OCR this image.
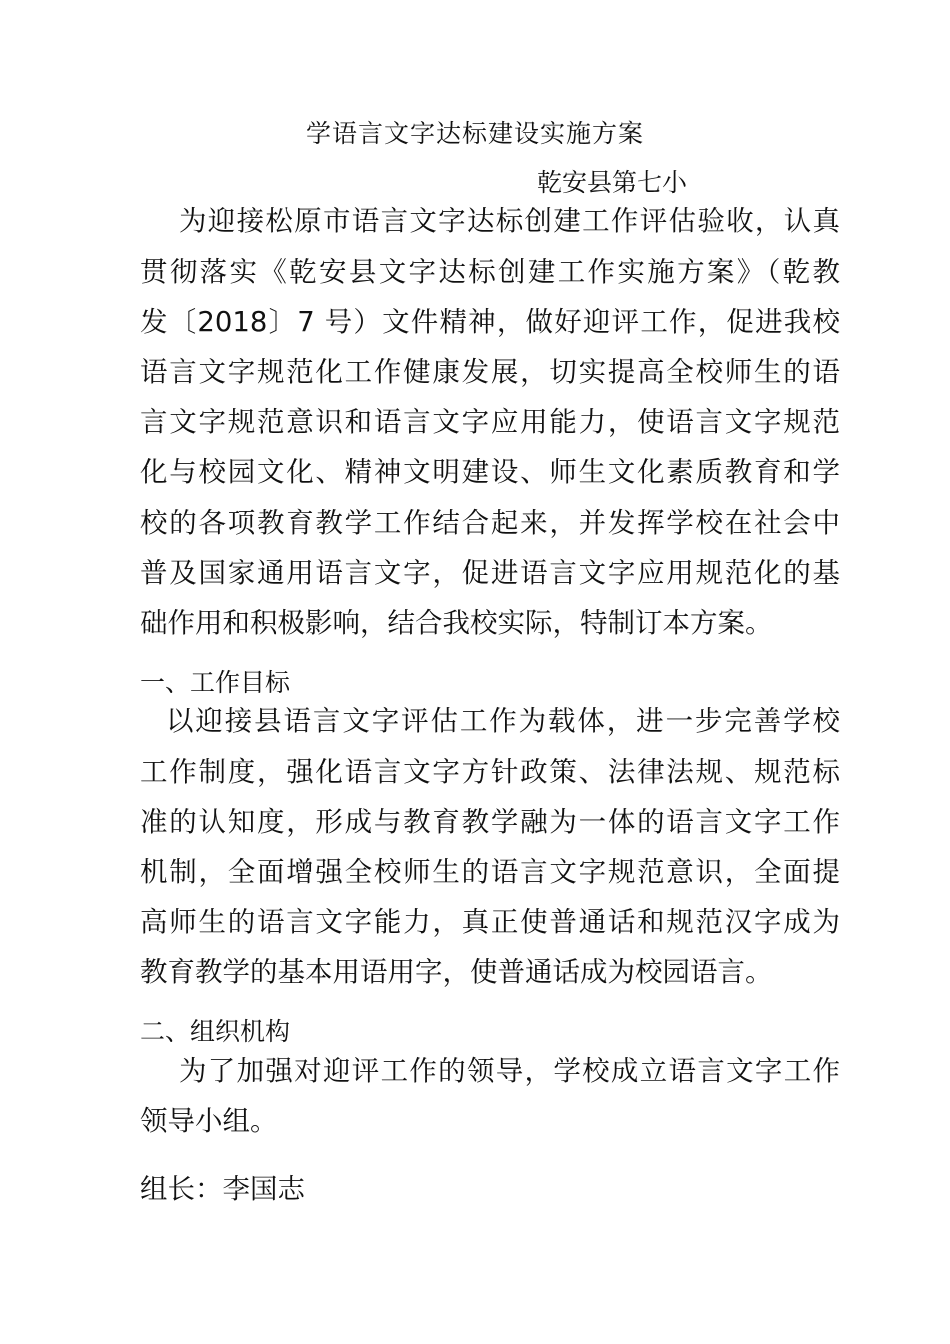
学语言文字达标建设实施方案
乾安县第七小
为迎接松原市语言文字达标创建工作评估验收，认真
贯彻落实《乾安县文字达标创建工作实施方案》（乾教
发〔2018〕7 号）文件精神，做好迎评工作，促进我校
语言文字规范化工作健康发展，切实提高全校师生的语
言文字规范意识和语言文字应用能力，使语言文字规范
化与校园文化、精神文明建设、师生文化素质教育和学
校的各项教育教学工作结合起来，并发挥学校在社会中
普及国家通用语言文字，促进语言文字应用规范化的基
础作用和积极影响，结合我校实际，特制订本方案。
一、工作目标
以迎接县语言文字评估工作为载体，进一步完善学校
工作制度，强化语言文字方针政策、法律法规、规范标
准的认知度，形成与教育教学融为一体的语言文字工作
机制，全面增强全校师生的语言文字规范意识，全面提
高师生的语言文字能力，真正使普通话和规范汉字成为
教育教学的基本用语用字，使普通话成为校园语言。
二、组织机构
为了加强对迎评工作的领导，学校成立语言文字工作
领导小组。
组长：李国志
